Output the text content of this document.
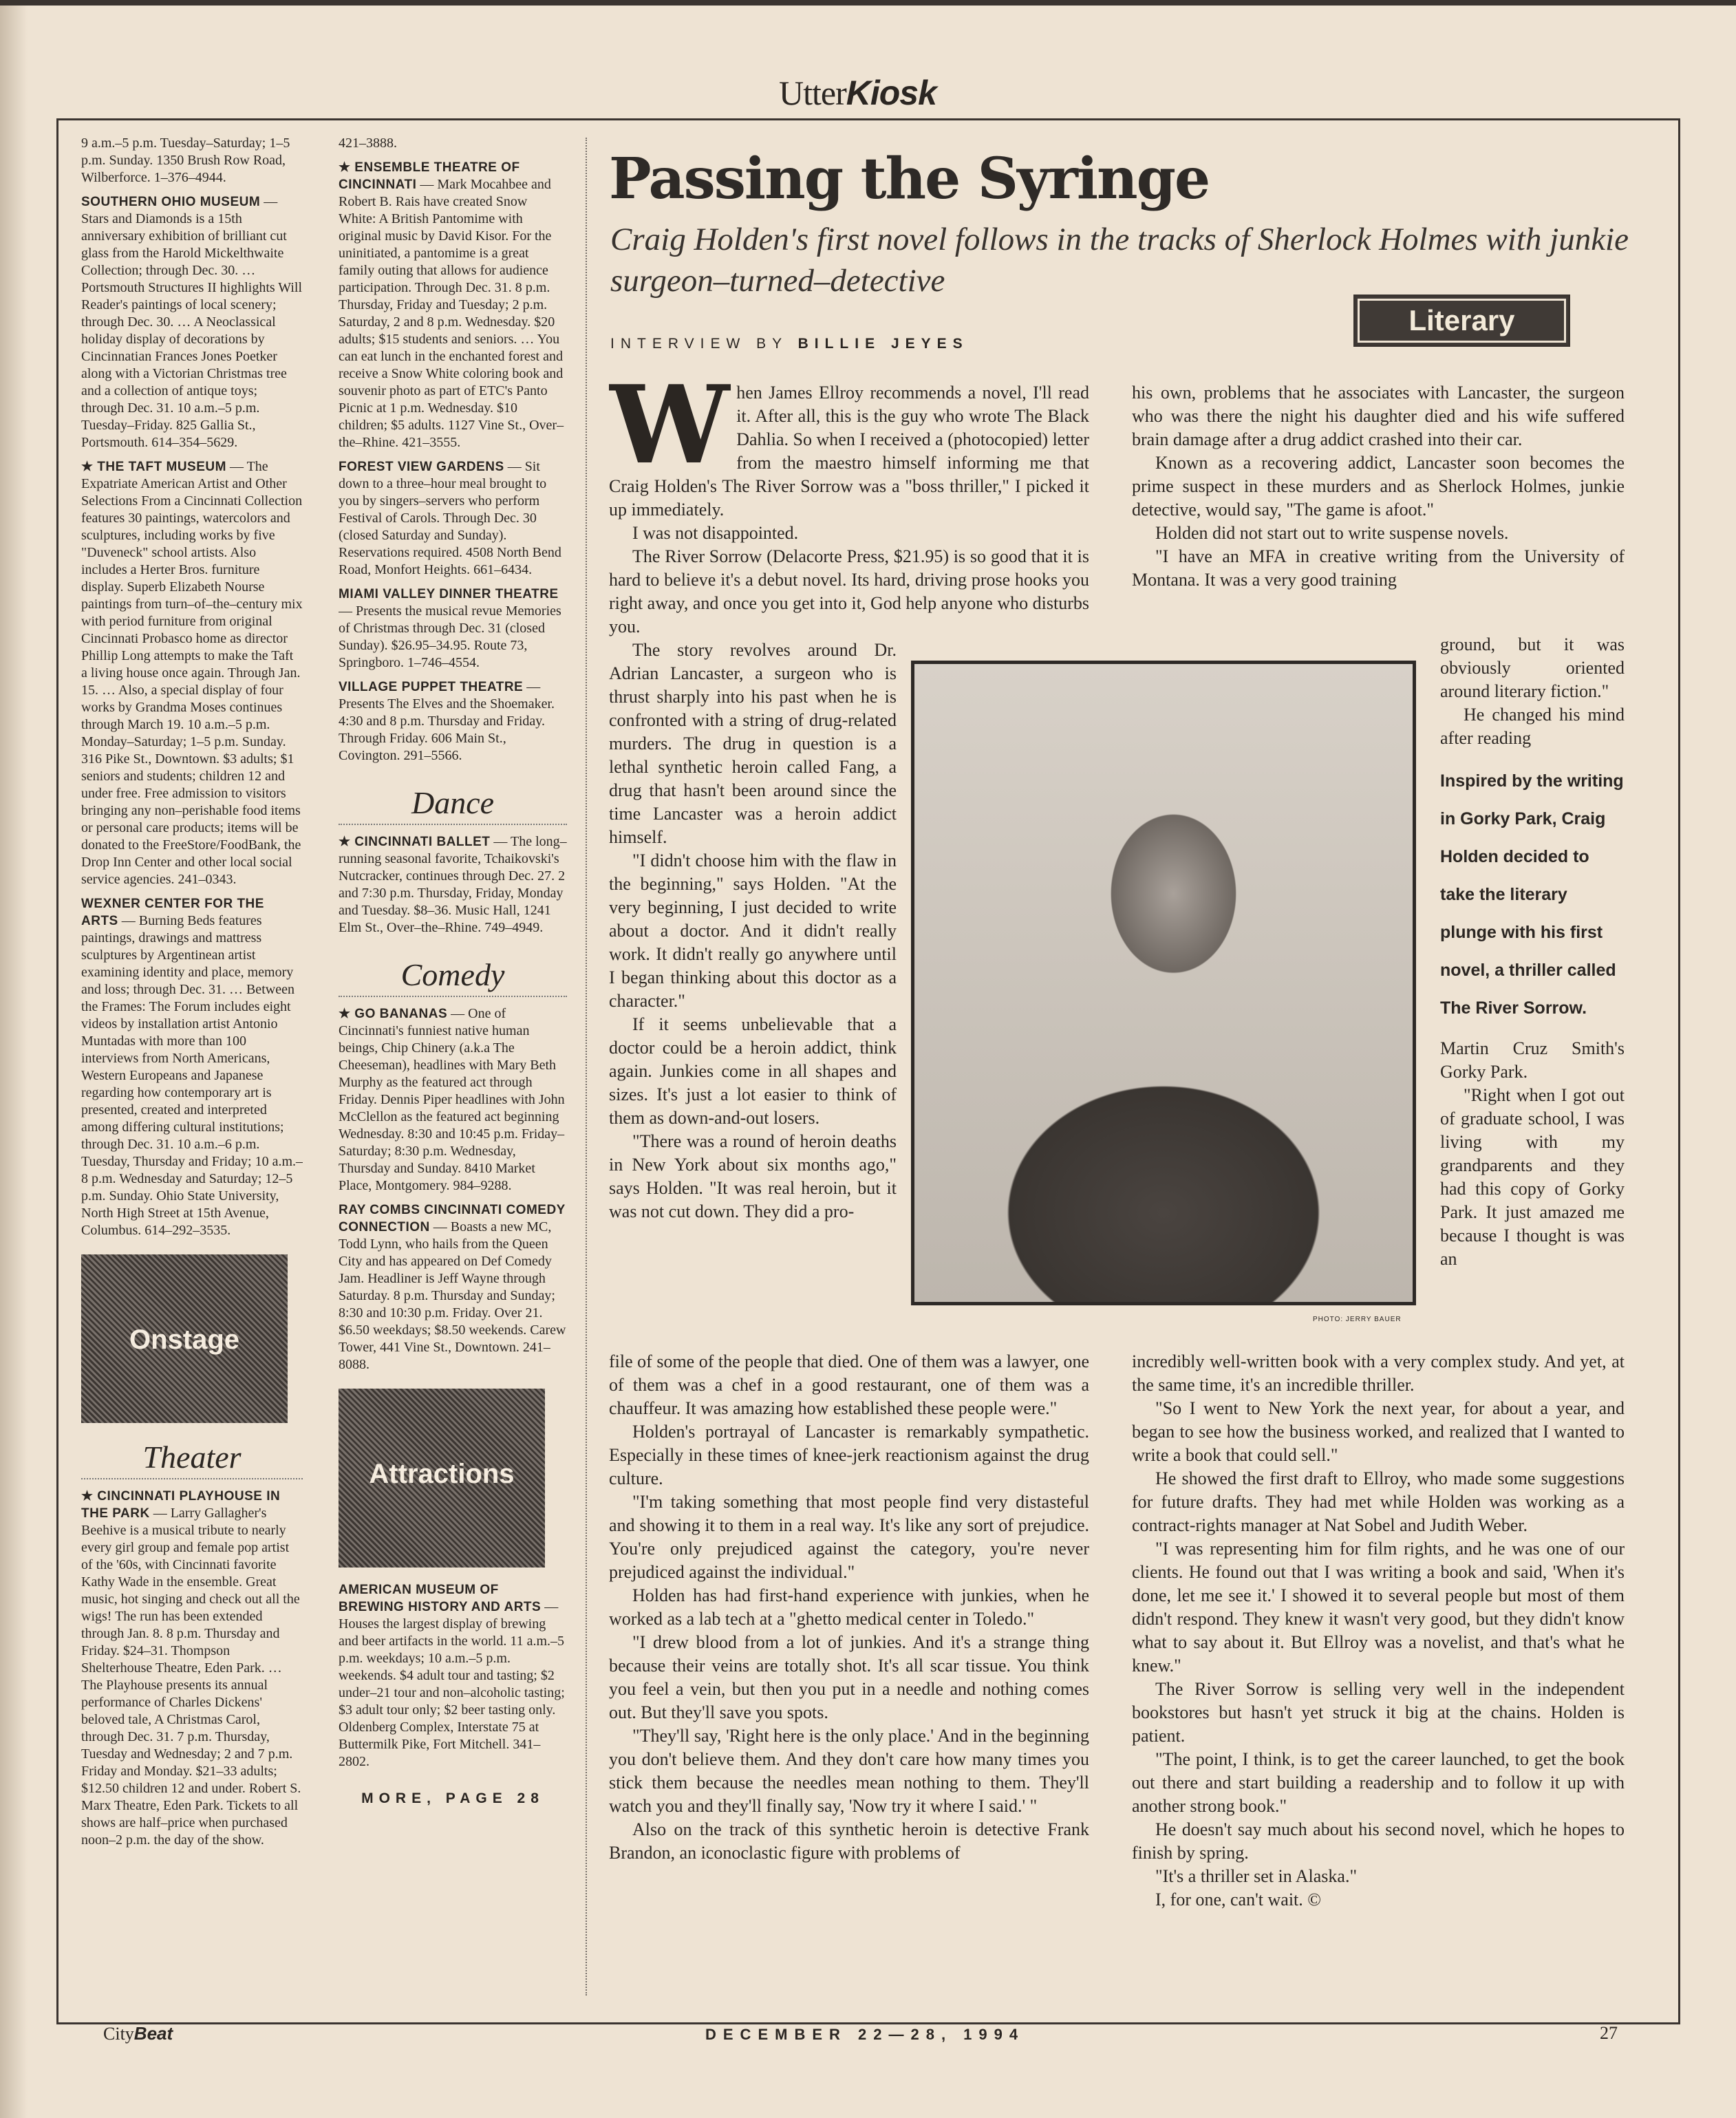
UtterKiosk

9 a.m.–5 p.m. Tuesday–Saturday; 1–5 p.m. Sunday. 1350 Brush Row Road, Wilberforce. 1–376–4944.

SOUTHERN OHIO MUSEUM — Stars and Diamonds is a 15th anniversary exhibition of brilliant cut glass from the Harold Mickelthwaite Collection; through Dec. 30. … Portsmouth Structures II highlights Will Reader's paintings of local scenery; through Dec. 30. … A Neoclassical holiday display of decorations by Cincinnatian Frances Jones Poetker along with a Victorian Christmas tree and a collection of antique toys; through Dec. 31. 10 a.m.–5 p.m. Tuesday–Friday. 825 Gallia St., Portsmouth. 614–354–5629.

★ THE TAFT MUSEUM — The Expatriate American Artist and Other Selections From a Cincinnati Collection features 30 paintings, watercolors and sculptures, including works by five "Duveneck" school artists. Also includes a Herter Bros. furniture display. Superb Elizabeth Nourse paintings from turn–of–the–century mix with period furniture from original Cincinnati Probasco home as director Phillip Long attempts to make the Taft a living house once again. Through Jan. 15. … Also, a special display of four works by Grandma Moses continues through March 19. 10 a.m.–5 p.m. Monday–Saturday; 1–5 p.m. Sunday. 316 Pike St., Downtown. $3 adults; $1 seniors and students; children 12 and under free. Free admission to visitors bringing any non–perishable food items or personal care products; items will be donated to the FreeStore/FoodBank, the Drop Inn Center and other local social service agencies. 241–0343.

WEXNER CENTER FOR THE ARTS — Burning Beds features paintings, drawings and mattress sculptures by Argentinean artist examining identity and place, memory and loss; through Dec. 31. … Between the Frames: The Forum includes eight videos by installation artist Antonio Muntadas with more than 100 interviews from North Americans, Western Europeans and Japanese regarding how contemporary art is presented, created and interpreted among differing cultural institutions; through Dec. 31. 10 a.m.–6 p.m. Tuesday, Thursday and Friday; 10 a.m.–8 p.m. Wednesday and Saturday; 12–5 p.m. Sunday. Ohio State University, North High Street at 15th Avenue, Columbus. 614–292–3535.

Onstage
Theater

★ CINCINNATI PLAYHOUSE IN THE PARK — Larry Gallagher's Beehive is a musical tribute to nearly every girl group and female pop artist of the '60s, with Cincinnati favorite Kathy Wade in the ensemble. Great music, hot singing and check out all the wigs! The run has been extended through Jan. 8. 8 p.m. Thursday and Friday. $24–31. Thompson Shelterhouse Theatre, Eden Park. … The Playhouse presents its annual performance of Charles Dickens' beloved tale, A Christmas Carol, through Dec. 31. 7 p.m. Thursday, Tuesday and Wednesday; 2 and 7 p.m. Friday and Monday. $21–33 adults; $12.50 children 12 and under. Robert S. Marx Theatre, Eden Park. Tickets to all shows are half–price when purchased noon–2 p.m. the day of the show.

421–3888.

★ ENSEMBLE THEATRE OF CINCINNATI — Mark Mocahbee and Robert B. Rais have created Snow White: A British Pantomime with original music by David Kisor. For the uninitiated, a pantomime is a great family outing that allows for audience participation. Through Dec. 31. 8 p.m. Thursday, Friday and Tuesday; 2 p.m. Saturday, 2 and 8 p.m. Wednesday. $20 adults; $15 students and seniors. … You can eat lunch in the enchanted forest and receive a Snow White coloring book and souvenir photo as part of ETC's Panto Picnic at 1 p.m. Wednesday. $10 children; $5 adults. 1127 Vine St., Over–the–Rhine. 421–3555.

FOREST VIEW GARDENS — Sit down to a three–hour meal brought to you by singers–servers who perform Festival of Carols. Through Dec. 30 (closed Saturday and Sunday). Reservations required. 4508 North Bend Road, Monfort Heights. 661–6434.

MIAMI VALLEY DINNER THEATRE — Presents the musical revue Memories of Christmas through Dec. 31 (closed Sunday). $26.95–34.95. Route 73, Springboro. 1–746–4554.

VILLAGE PUPPET THEATRE — Presents The Elves and the Shoemaker. 4:30 and 8 p.m. Thursday and Friday. Through Friday. 606 Main St., Covington. 291–5566.

Dance

★ CINCINNATI BALLET — The long–running seasonal favorite, Tchaikovski's Nutcracker, continues through Dec. 27. 2 and 7:30 p.m. Thursday, Friday, Monday and Tuesday. $8–36. Music Hall, 1241 Elm St., Over–the–Rhine. 749–4949.

Comedy

★ GO BANANAS — One of Cincinnati's funniest native human beings, Chip Chinery (a.k.a The Cheeseman), headlines with Mary Beth Murphy as the featured act through Friday. Dennis Piper headlines with John McClellon as the featured act beginning Wednesday. 8:30 and 10:45 p.m. Friday–Saturday; 8:30 p.m. Wednesday, Thursday and Sunday. 8410 Market Place, Montgomery. 984–9288.

RAY COMBS CINCINNATI COMEDY CONNECTION — Boasts a new MC, Todd Lynn, who hails from the Queen City and has appeared on Def Comedy Jam. Headliner is Jeff Wayne through Saturday. 8 p.m. Thursday and Sunday; 8:30 and 10:30 p.m. Friday. Over 21. $6.50 weekdays; $8.50 weekends. Carew Tower, 441 Vine St., Downtown. 241–8088.

Attractions

AMERICAN MUSEUM OF BREWING HISTORY AND ARTS — Houses the largest display of brewing and beer artifacts in the world. 11 a.m.–5 p.m. weekdays; 10 a.m.–5 p.m. weekends. $4 adult tour and tasting; $2 under–21 tour and non–alcoholic tasting; $3 adult tour only; $2 beer tasting only. Oldenberg Complex, Interstate 75 at Buttermilk Pike, Fort Mitchell. 341–2802.

MORE, PAGE 28
Passing the Syringe
Craig Holden's first novel follows in the tracks of Sherlock Holmes with junkie surgeon–turned–detective
INTERVIEW BY BILLIE JEYES
Literary
W hen James Ellroy recommends a novel, I'll read it. After all, this is the guy who wrote The Black Dahlia. So when I received a (photocopied) letter from the maestro himself informing me that Craig Holden's The River Sorrow was a "boss thriller," I picked it up immediately.

I was not disappointed.

The River Sorrow (Delacorte Press, $21.95) is so good that it is hard to believe it's a debut novel. Its hard, driving prose hooks you right away, and once you get into it, God help anyone who disturbs you.

The story revolves around Dr. Adrian Lancaster, a surgeon who is thrust sharply into his past when he is confronted with a string of drug-related murders. The drug in question is a lethal synthetic heroin called Fang, a drug that hasn't been around since the time Lancaster was a heroin addict himself.

"I didn't choose him with the flaw in the beginning," says Holden. "At the very beginning, I just decided to write about a doctor. And it didn't really work. It didn't really go anywhere until I began thinking about this doctor as a character."

If it seems unbelievable that a doctor could be a heroin addict, think again. Junkies come in all shapes and sizes. It's just a lot easier to think of them as down-and-out losers.

"There was a round of heroin deaths in New York about six months ago," says Holden. "It was real heroin, but it was not cut down. They did a pro-

file of some of the people that died. One of them was a lawyer, one of them was a chef in a good restaurant, one of them was a chauffeur. It was amazing how established these people were."

Holden's portrayal of Lancaster is remarkably sympathetic. Especially in these times of knee-jerk reactionism against the drug culture.

"I'm taking something that most people find very distasteful and showing it to them in a real way. It's like any sort of prejudice. You're only prejudiced against the category, you're never prejudiced against the individual."

Holden has had first-hand experience with junkies, when he worked as a lab tech at a "ghetto medical center in Toledo."

"I drew blood from a lot of junkies. And it's a strange thing because their veins are totally shot. It's all scar tissue. You think you feel a vein, but then you put in a needle and nothing comes out. But they'll save you spots.

"They'll say, 'Right here is the only place.' And in the beginning you don't believe them. And they don't care how many times you stick them because the needles mean nothing to them. They'll watch you and they'll finally say, 'Now try it where I said.' "

Also on the track of this synthetic heroin is detective Frank Brandon, an iconoclastic figure with problems of

PHOTO: JERRY BAUER

his own, problems that he associates with Lancaster, the surgeon who was there the night his daughter died and his wife suffered brain damage after a drug addict crashed into their car.

Known as a recovering addict, Lancaster soon becomes the prime suspect in these murders and as Sherlock Holmes, junkie detective, would say, "The game is afoot."

Holden did not start out to write suspense novels.

"I have an MFA in creative writing from the University of Montana. It was a very good training

ground, but it was obviously oriented around literary fiction."

He changed his mind after reading

Inspired by the writing in Gorky Park, Craig Holden decided to take the literary plunge with his first novel, a thriller called The River Sorrow.

Martin Cruz Smith's Gorky Park.

"Right when I got out of graduate school, I was living with my grandparents and they had this copy of Gorky Park. It just amazed me because I thought is was an

incredibly well-written book with a very complex study. And yet, at the same time, it's an incredible thriller.

"So I went to New York the next year, for about a year, and began to see how the business worked, and realized that I wanted to write a book that could sell."

He showed the first draft to Ellroy, who made some suggestions for future drafts. They had met while Holden was working as a contract-rights manager at Nat Sobel and Judith Weber.

"I was representing him for film rights, and he was one of our clients. He found out that I was writing a book and said, 'When it's done, let me see it.' I showed it to several people but most of them didn't respond. They knew it wasn't very good, but they didn't know what to say about it. But Ellroy was a novelist, and that's what he knew."

The River Sorrow is selling very well in the independent bookstores but hasn't yet struck it big at the chains. Holden is patient.

"The point, I think, is to get the career launched, to get the book out there and start building a readership and to follow it up with another strong book."

He doesn't say much about his second novel, which he hopes to finish by spring.

"It's a thriller set in Alaska."

I, for one, can't wait. ©

CityBeat	DECEMBER 22—28, 1994	27
